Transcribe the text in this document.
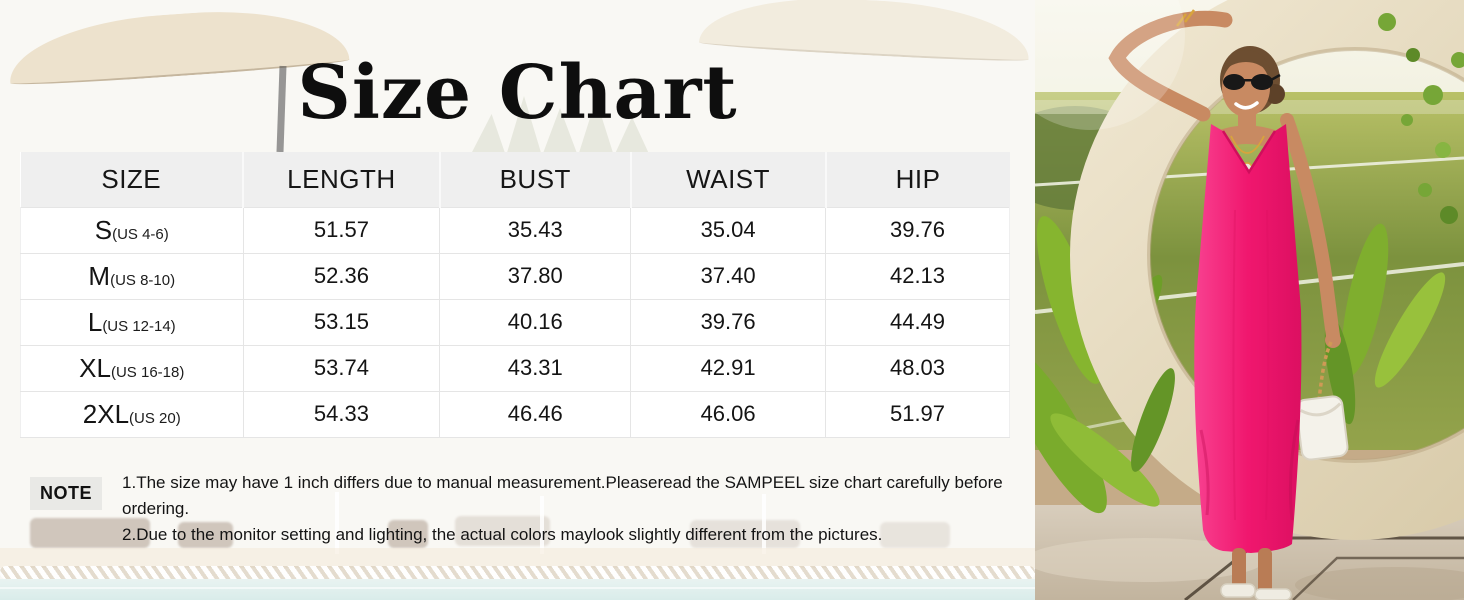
Size Chart
SIZE	LENGTH	BUST	WAIST	HIP
S(US 4-6)	51.57	35.43	35.04	39.76
M(US 8-10)	52.36	37.80	37.40	42.13
L(US 12-14)	53.15	40.16	39.76	44.49
XL(US 16-18)	53.74	43.31	42.91	48.03
2XL(US 20)	54.33	46.46	46.06	51.97
NOTE

1.The size may have 1 inch differs due to manual measurement.Pleaseread the SAMPEEL size chart carefully before ordering.

2.Due to the monitor setting and lighting, the actual colors maylook slightly different from the pictures.
